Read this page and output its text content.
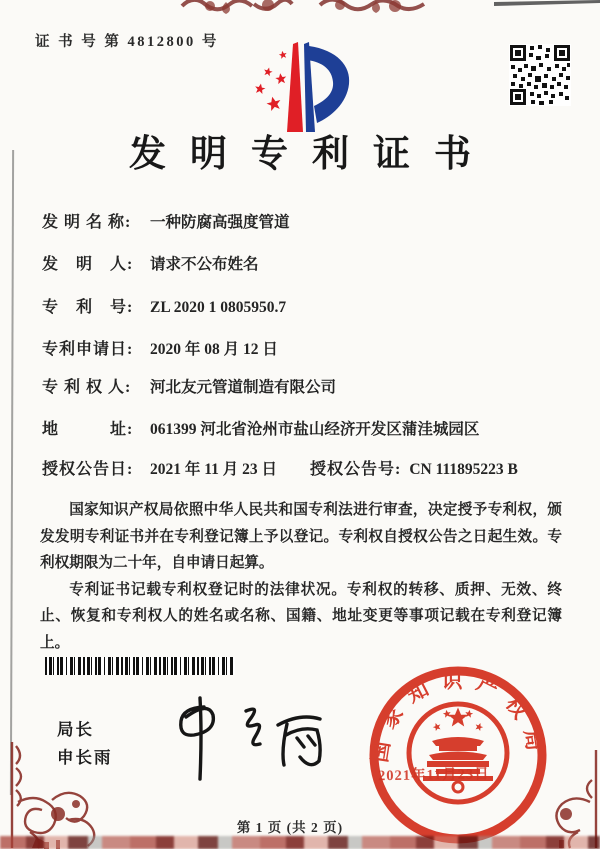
证 书 号 第 4812800 号
发明专利证书
发 明 名 称: 一种防腐高强度管道
发　明　人: 请求不公布姓名
专　利　号: ZL 2020 1 0805950.7
专利申请日: 2020 年 08 月 12 日
专 利 权 人: 河北友元管道制造有限公司
地　　　址: 061399 河北省沧州市盐山经济开发区蒲洼城园区
授权公告日: 2021 年 11 月 23 日 授权公告号: CN 111895223 B

国家知识产权局依照中华人民共和国专利法进行审查，决定授予专利权，颁发发明专利证书并在专利登记簿上予以登记。专利权自授权公告之日起生效。专利权期限为二十年，自申请日起算。

专利证书记载专利权登记时的法律状况。专利权的转移、质押、无效、终止、恢复和专利权人的姓名或名称、国籍、地址变更等事项记载在专利登记簿上。

局长
申长雨	国家知识产权局
2021年11月23日
第 1 页 (共 2 页)
